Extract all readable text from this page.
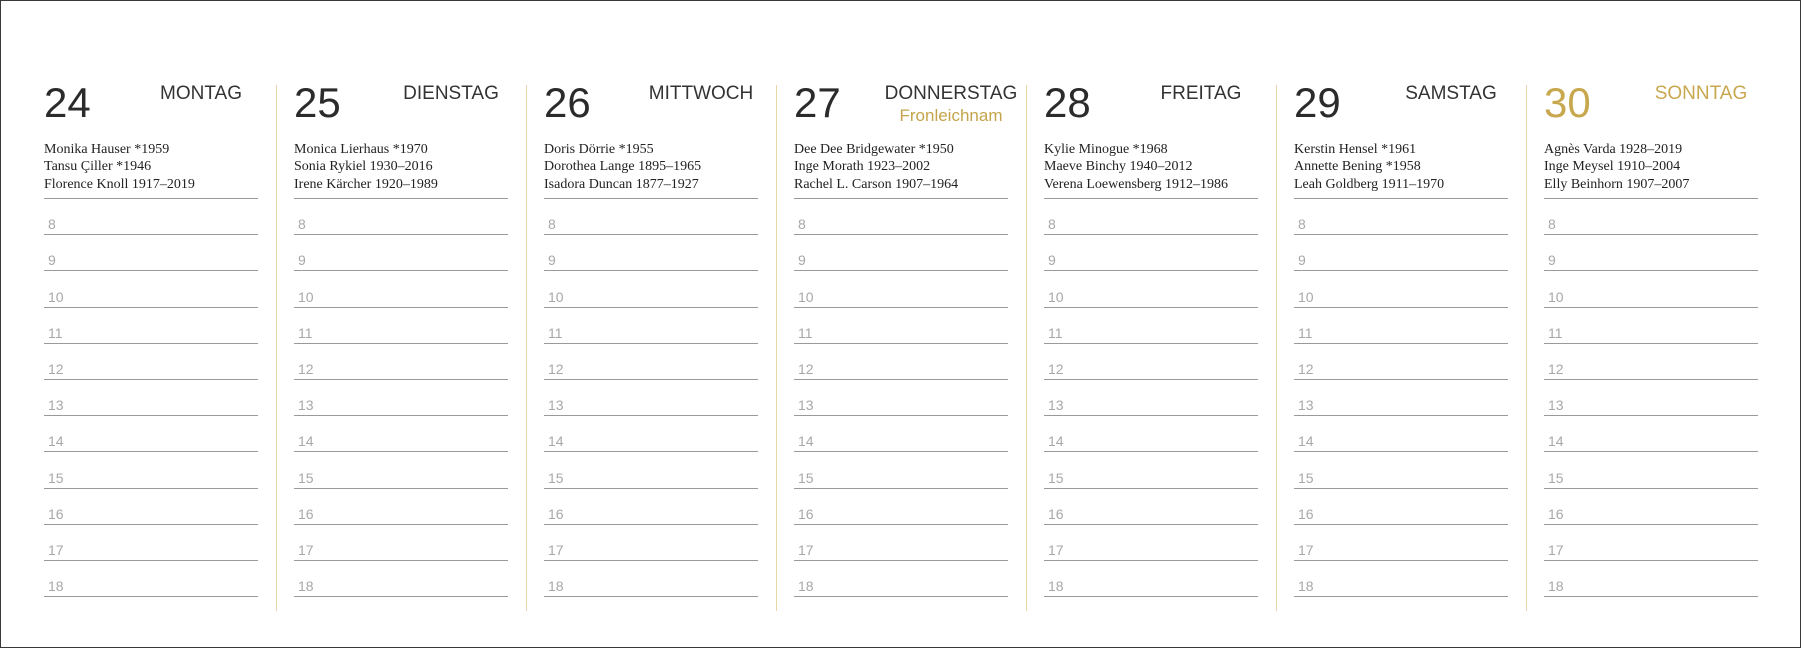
24	MONTAG
Monika Hauser *1959
Tansu Çiller *1946
Florence Knoll 1917–2019
8
9
10
11
12
13
14
15
16
17
18
25	DIENSTAG
Monica Lierhaus *1970
Sonia Rykiel 1930–2016
Irene Kärcher 1920–1989
8
9
10
11
12
13
14
15
16
17
18
26	MITTWOCH
Doris Dörrie *1955
Dorothea Lange 1895–1965
Isadora Duncan 1877–1927
8
9
10
11
12
13
14
15
16
17
18
27	DONNERSTAG
Fronleichnam
Dee Dee Bridgewater *1950
Inge Morath 1923–2002
Rachel L. Carson 1907–1964
8
9
10
11
12
13
14
15
16
17
18
28	FREITAG
Kylie Minogue *1968
Maeve Binchy 1940–2012
Verena Loewensberg 1912–1986
8
9
10
11
12
13
14
15
16
17
18
29	SAMSTAG
Kerstin Hensel *1961
Annette Bening *1958
Leah Goldberg 1911–1970
8
9
10
11
12
13
14
15
16
17
18
30	SONNTAG
Agnès Varda 1928–2019
Inge Meysel 1910–2004
Elly Beinhorn 1907–2007
8
9
10
11
12
13
14
15
16
17
18
